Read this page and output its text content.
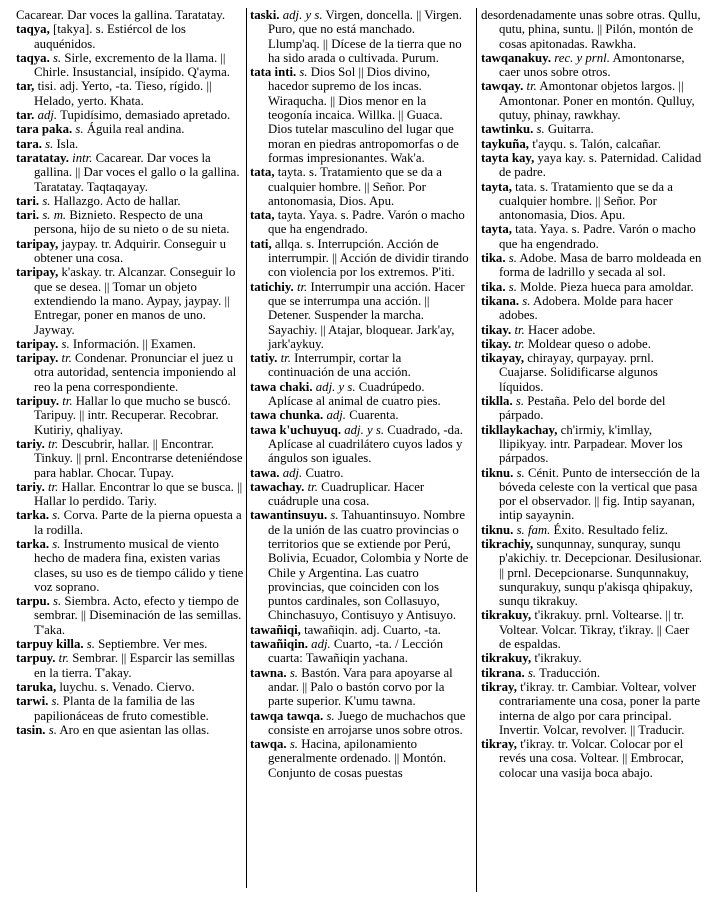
Cacarear. Dar voces la gallina. Taratatay.

taqya, [takya]. s. Estiércol de los auquénidos.

taqya. s. Sirle, excremento de la llama. || Chirle. Insustancial, insípido. Q'ayma.

tar, tisi. adj. Yerto, -ta. Tieso, rígido. || Helado, yerto. Khata.

tar. adj. Tupidísimo, demasiado apretado.

tara paka. s. Águila real andina.

tara. s. Isla.

taratatay. intr. Cacarear. Dar voces la gallina. || Dar voces el gallo o la gallina. Taratatay. Taqtaqayay.

tari. s. Hallazgo. Acto de hallar.

tari. s. m. Biznieto. Respecto de una persona, hijo de su nieto o de su nieta.

taripay, jaypay. tr. Adquirir. Conseguir u obtener una cosa.

taripay, k'askay. tr. Alcanzar. Conseguir lo que se desea. || Tomar un objeto extendiendo la mano. Aypay, jaypay. || Entregar, poner en manos de uno. Jayway.

taripay. s. Información. || Examen.

taripay. tr. Condenar. Pronunciar el juez u otra autoridad, sentencia imponiendo al reo la pena correspondiente.

taripuy. tr. Hallar lo que mucho se buscó. Taripuy. || intr. Recuperar. Recobrar. Kutiriy, qhaliyay.

tariy. tr. Descubrir, hallar. || Encontrar. Tinkuy. || prnl. Encontrarse deteniéndose para hablar. Chocar. Tupay.

tariy. tr. Hallar. Encontrar lo que se busca. || Hallar lo perdido. Tariy.

tarka. s. Corva. Parte de la pierna opuesta a la rodilla.

tarka. s. Instrumento musical de viento hecho de madera fina, existen varias clases, su uso es de tiempo cálido y tiene voz soprano.

tarpu. s. Siembra. Acto, efecto y tiempo de sembrar. || Diseminación de las semillas. T'aka.

tarpuy killa. s. Septiembre. Ver mes.

tarpuy. tr. Sembrar. || Esparcir las semillas en la tierra. T'akay.

taruka, luychu. s. Venado. Ciervo.

tarwi. s. Planta de la familia de las papilionáceas de fruto comestible.

tasin. s. Aro en que asientan las ollas.

taski. adj. y s. Virgen, doncella. || Virgen. Puro, que no está manchado. Llump'aq. || Dícese de la tierra que no ha sido arada o cultivada. Purum.

tata inti. s. Dios Sol || Dios divino, hacedor supremo de los incas. Wiraqucha. || Dios menor en la teogonía incaica. Willka. || Guaca. Dios tutelar masculino del lugar que moran en piedras antropomorfas o de formas impresionantes. Wak'a.

tata, tayta. s. Tratamiento que se da a cualquier hombre. || Señor. Por antonomasia, Dios. Apu.

tata, tayta. Yaya. s. Padre. Varón o macho que ha engendrado.

tati, allqa. s. Interrupción. Acción de interrumpir. || Acción de dividir tirando con violencia por los extremos. P'iti.

tatichiy. tr. Interrumpir una acción. Hacer que se interrumpa una acción. || Detener. Suspender la marcha. Sayachiy. || Atajar, bloquear. Jark'ay, jark'aykuy.

tatiy. tr. Interrumpir, cortar la continuación de una acción.

tawa chaki. adj. y s. Cuadrúpedo. Aplícase al animal de cuatro pies.

tawa chunka. adj. Cuarenta.

tawa k'uchuyuq. adj. y s. Cuadrado, -da. Aplícase al cuadrilátero cuyos lados y ángulos son iguales.

tawa. adj. Cuatro.

tawachay. tr. Cuadruplicar. Hacer cuádruple una cosa.

tawantinsuyu. s. Tahuantinsuyo. Nombre de la unión de las cuatro provincias o territorios que se extiende por Perú, Bolivia, Ecuador, Colombia y Norte de Chile y Argentina. Las cuatro provincias, que coinciden con los puntos cardinales, son Collasuyo, Chinchasuyo, Contisuyo y Antisuyo.

tawañiqi, tawañiqin. adj. Cuarto, -ta.

tawañiqin. adj. Cuarto, -ta. / Lección cuarta: Tawañiqin yachana.

tawna. s. Bastón. Vara para apoyarse al andar. || Palo o bastón corvo por la parte superior. K'umu tawna.

tawqa tawqa. s. Juego de muchachos que consiste en arrojarse unos sobre otros.

tawqa. s. Hacina, apilonamiento generalmente ordenado. || Montón. Conjunto de cosas puestas

desordenadamente unas sobre otras. Qullu, qutu, phina, suntu. || Pilón, montón de cosas apitonadas. Rawkha.

tawqanakuy. rec. y prnl. Amontonarse, caer unos sobre otros.

tawqay. tr. Amontonar objetos largos. || Amontonar. Poner en montón. Qulluy, qutuy, phinay, rawkhay.

tawtinku. s. Guitarra.

taykuña, t'ayqu. s. Talón, calcañar.

tayta kay, yaya kay. s. Paternidad. Calidad de padre.

tayta, tata. s. Tratamiento que se da a cualquier hombre. || Señor. Por antonomasia, Dios. Apu.

tayta, tata. Yaya. s. Padre. Varón o macho que ha engendrado.

tika. s. Adobe. Masa de barro moldeada en forma de ladrillo y secada al sol.

tika. s. Molde. Pieza hueca para amoldar.

tikana. s. Adobera. Molde para hacer adobes.

tikay. tr. Hacer adobe.

tikay. tr. Moldear queso o adobe.

tikayay, chirayay, qurpayay. prnl. Cuajarse. Solidificarse algunos líquidos.

tiklla. s. Pestaña. Pelo del borde del párpado.

tikllaykachay, ch'irmiy, k'imllay, llipikyay. intr. Parpadear. Mover los párpados.

tiknu. s. Cénit. Punto de intersección de la bóveda celeste con la vertical que pasa por el observador. || fig. Intip sayanan, intip sayaynin.

tiknu. s. fam. Éxito. Resultado feliz.

tikrachiy, sunqunnay, sunquray, sunqu p'akichiy. tr. Decepcionar. Desilusionar. || prnl. Decepcionarse. Sunqunnakuy, sunqurakuy, sunqu p'akisqa qhipakuy, sunqu tikrakuy.

tikrakuy, t'ikrakuy. prnl. Voltearse. || tr. Voltear. Volcar. Tikray, t'ikray. || Caer de espaldas.

tikrakuy, t'ikrakuy.

tikrana. s. Traducción.

tikray, t'ikray. tr. Cambiar. Voltear, volver contrariamente una cosa, poner la parte interna de algo por cara principal. Invertir. Volcar, revolver. || Traducir.

tikray, t'ikray. tr. Volcar. Colocar por el revés una cosa. Voltear. || Embrocar, colocar una vasija boca abajo.
